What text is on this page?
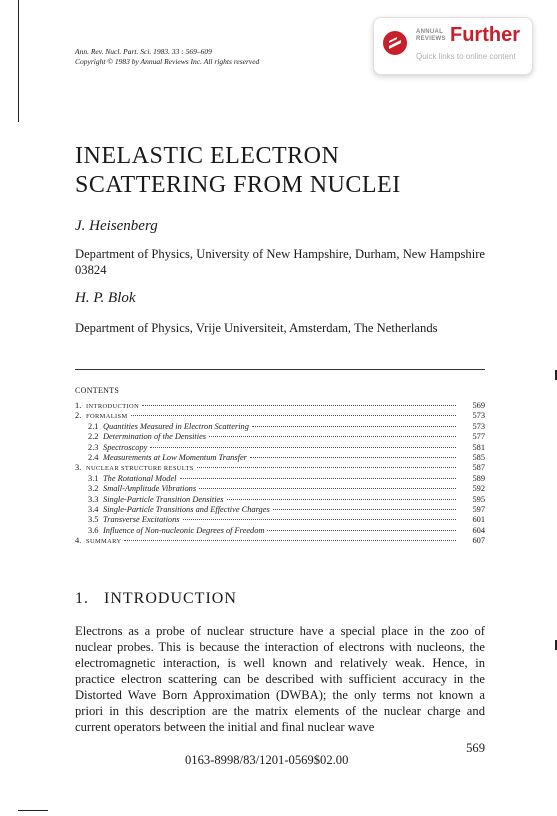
Ann. Rev. Nucl. Part. Sci. 1983. 33 : 569–609
Copyright © 1983 by Annual Reviews Inc. All rights reserved
ANNUAL
REVIEWS Further
Quick links to online content
INELASTIC ELECTRON
SCATTERING FROM NUCLEI
J. Heisenberg
Department of Physics, University of New Hampshire, Durham, New Hampshire 03824
H. P. Blok
Department of Physics, Vrije Universiteit, Amsterdam, The Netherlands
CONTENTS
1. INTRODUCTION	569
2. FORMALISM	573
2.1 Quantities Measured in Electron Scattering	573
2.2 Determination of the Densities	577
2.3 Spectroscopy	581
2.4 Measurements at Low Momentum Transfer	585
3. NUCLEAR STRUCTURE RESULTS	587
3.1 The Rotational Model	589
3.2 Small-Amplitude Vibrations	592
3.3 Single-Particle Transition Densities	595
3.4 Single-Particle Transitions and Effective Charges	597
3.5 Transverse Excitations	601
3.6 Influence of Non-nucleonic Degrees of Freedom	604
4. SUMMARY	607
1. INTRODUCTION
Electrons as a probe of nuclear structure have a special place in the zoo of nuclear probes. This is because the interaction of electrons with nucleons, the electromagnetic interaction, is well known and relatively weak. Hence, in practice electron scattering can be described with sufficient accuracy in the Distorted Wave Born Approximation (DWBA); the only terms not known a priori in this description are the matrix elements of the nuclear charge and current operators between the initial and final nuclear wave
569
0163-8998/83/1201-0569$02.00
